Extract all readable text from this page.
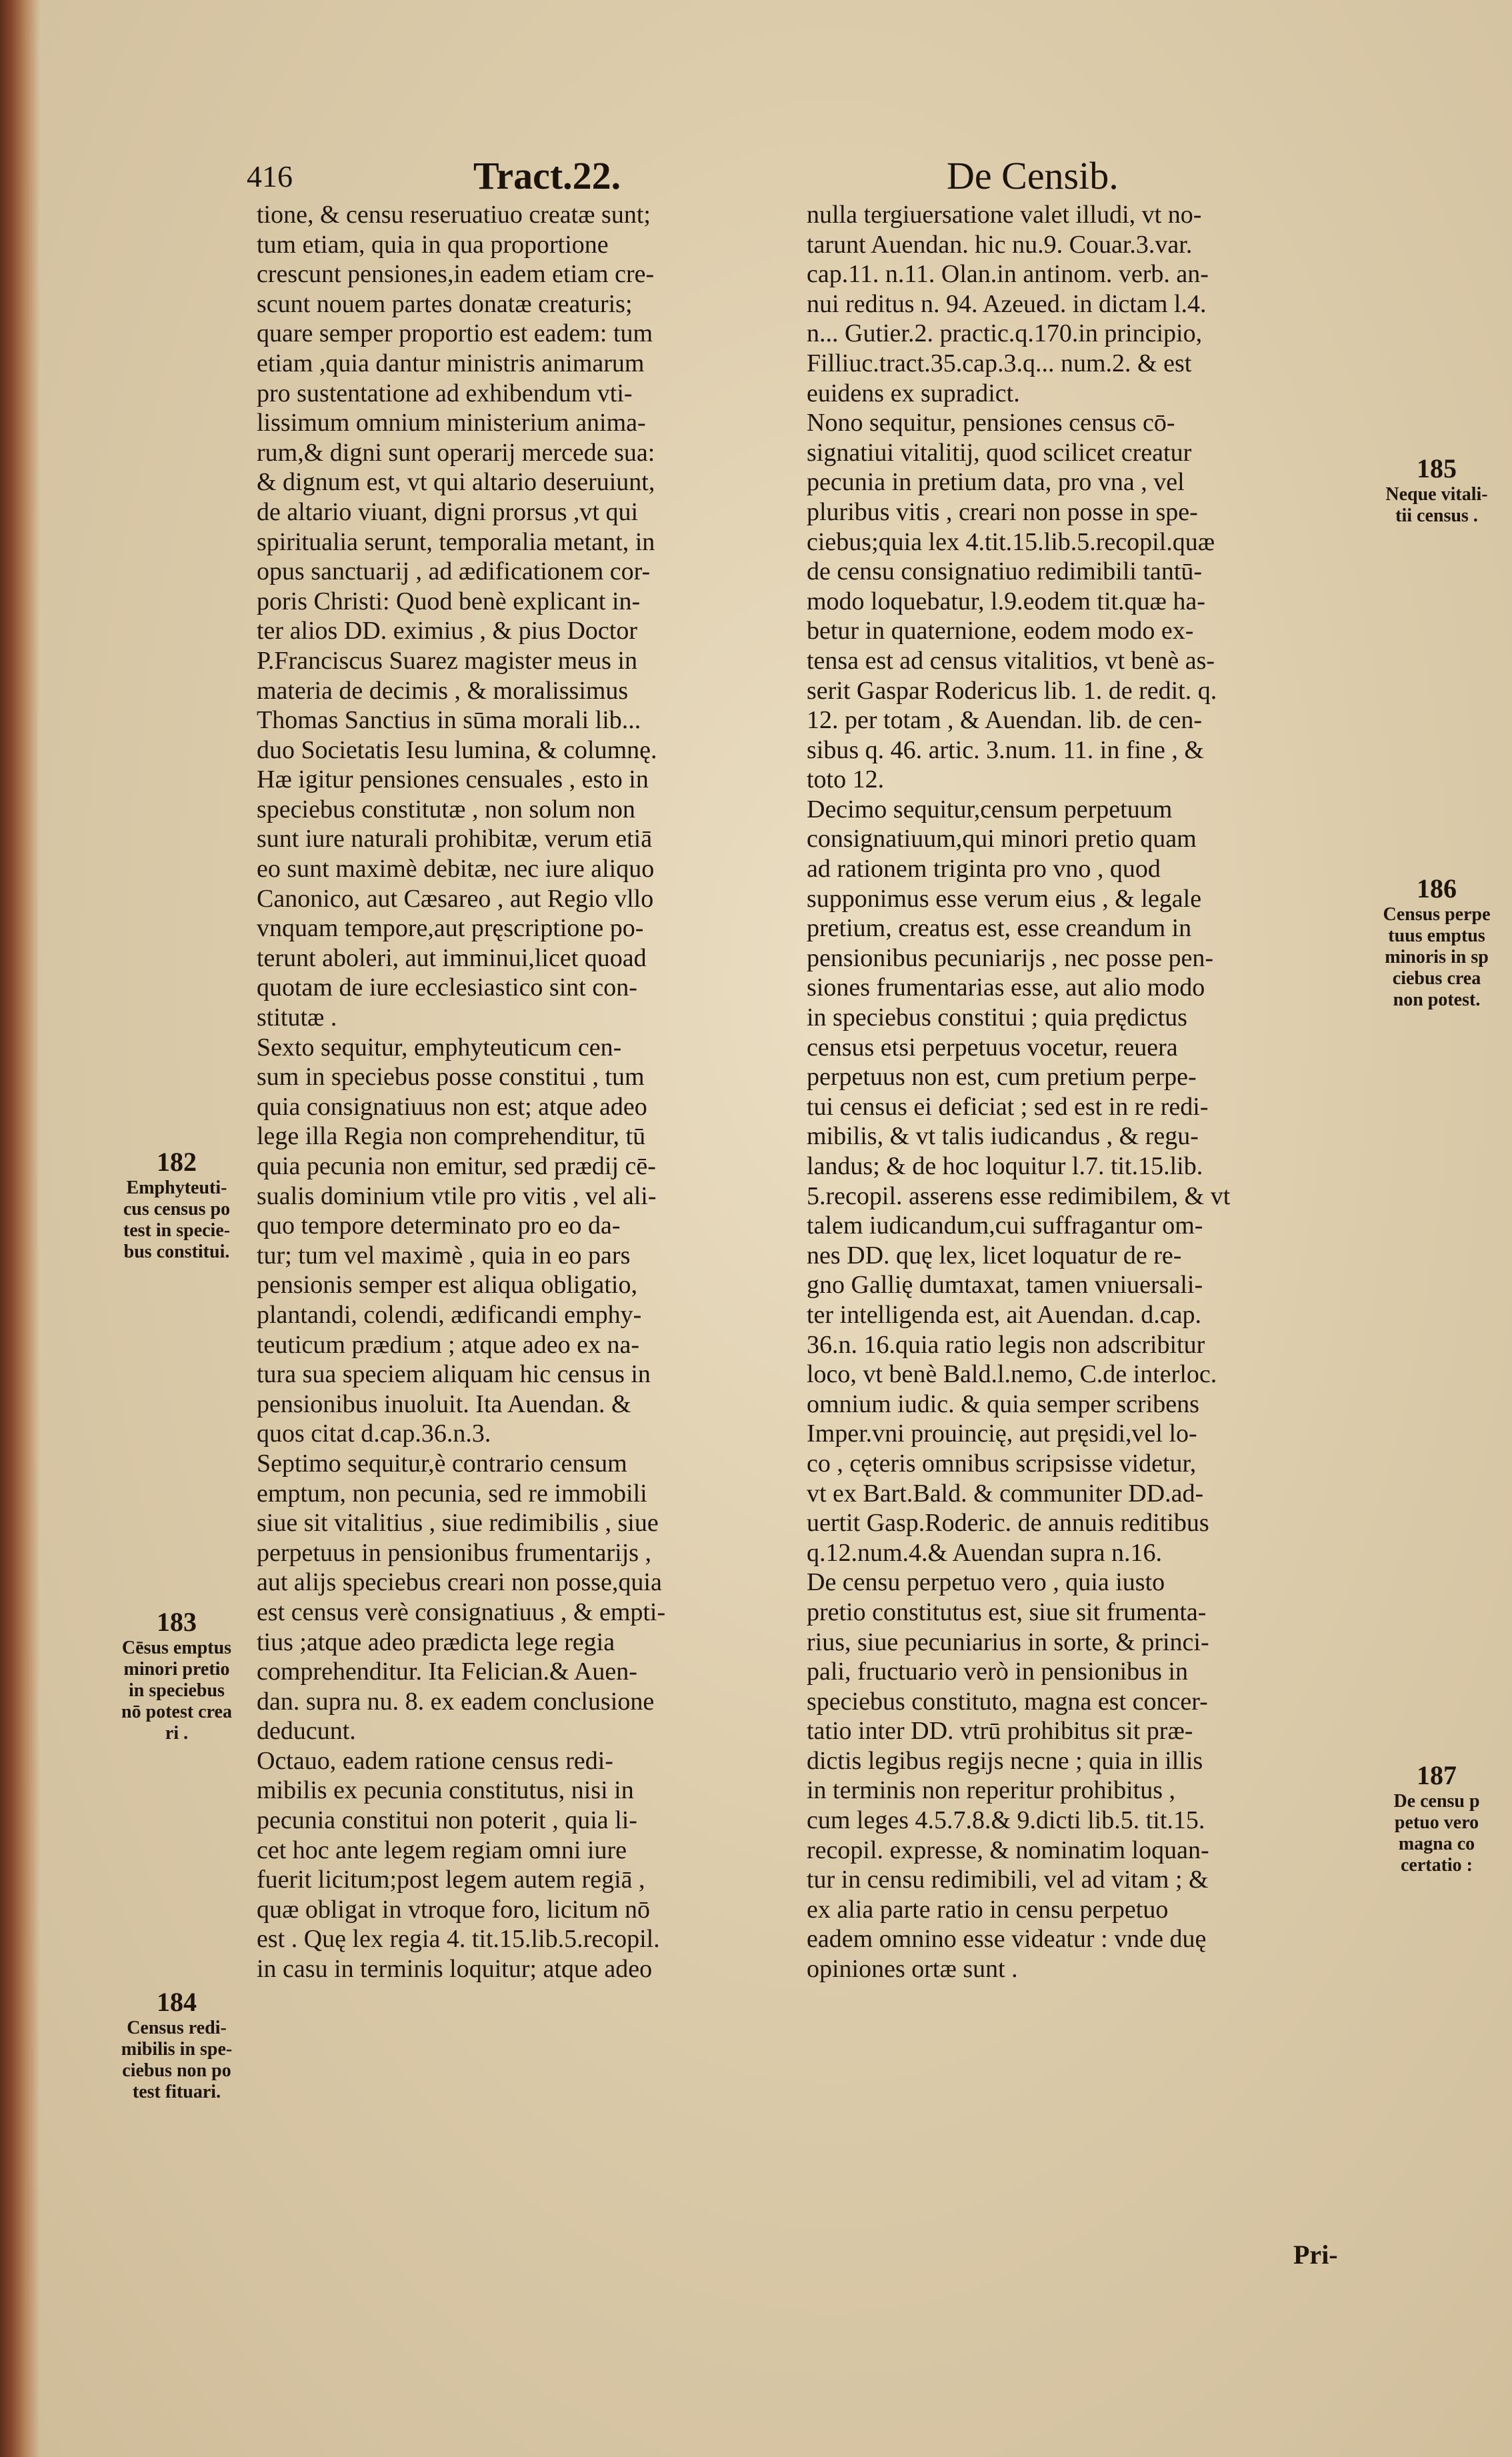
416	Tract.22.	De Censib.
tione, & censu reseruatiuo creatæ sunt;
tum etiam, quia in qua proportione
crescunt pensiones,in eadem etiam cre-
scunt nouem partes donatæ creaturis;
quare semper proportio est eadem: tum
etiam ,quia dantur ministris animarum
pro sustentatione ad exhibendum vti-
lissimum omnium ministerium anima-
rum,& digni sunt operarij mercede sua:
& dignum est, vt qui altario deseruiunt,
de altario viuant, digni prorsus ,vt qui
spiritualia serunt, temporalia metant, in
opus sanctuarij , ad ædificationem cor-
poris Christi: Quod benè explicant in-
ter alios DD. eximius , & pius Doctor
P.Franciscus Suarez magister meus in
materia de decimis , & moralissimus
Thomas Sanctius in sūma morali lib...
duo Societatis Iesu lumina, & columnę.
Hæ igitur pensiones censuales , esto in
speciebus constitutæ , non solum non
sunt iure naturali prohibitæ, verum etiā
eo sunt maximè debitæ, nec iure aliquo
Canonico, aut Cæsareo , aut Regio vllo
vnquam tempore,aut pręscriptione po-
terunt aboleri, aut imminui,licet quoad
quotam de iure ecclesiastico sint con-
stitutæ .
Sexto sequitur, emphyteuticum cen-
sum in speciebus posse constitui , tum
quia consignatiuus non est; atque adeo
lege illa Regia non comprehenditur, tū
quia pecunia non emitur, sed prædij cē-
sualis dominium vtile pro vitis , vel ali-
quo tempore determinato pro eo da-
tur; tum vel maximè , quia in eo pars
pensionis semper est aliqua obligatio,
plantandi, colendi, ædificandi emphy-
teuticum prædium ; atque adeo ex na-
tura sua speciem aliquam hic census in
pensionibus inuoluit. Ita Auendan. &
quos citat d.cap.36.n.3.
Septimo sequitur,è contrario censum
emptum, non pecunia, sed re immobili
siue sit vitalitius , siue redimibilis , siue
perpetuus in pensionibus frumentarijs ,
aut alijs speciebus creari non posse,quia
est census verè consignatiuus , & empti-
tius ;atque adeo prædicta lege regia
comprehenditur. Ita Felician.& Auen-
dan. supra nu. 8. ex eadem conclusione
deducunt.
Octauo, eadem ratione census redi-
mibilis ex pecunia constitutus, nisi in
pecunia constitui non poterit , quia li-
cet hoc ante legem regiam omni iure
fuerit licitum;post legem autem regiā ,
quæ obligat in vtroque foro, licitum nō
est . Quę lex regia 4. tit.15.lib.5.recopil.
in casu in terminis loquitur; atque adeo
nulla tergiuersatione valet illudi, vt no-
tarunt Auendan. hic nu.9. Couar.3.var.
cap.11. n.11. Olan.in antinom. verb. an-
nui reditus n. 94. Azeued. in dictam l.4.
n... Gutier.2. practic.q.170.in principio,
Filliuc.tract.35.cap.3.q... num.2. & est
euidens ex supradict.
Nono sequitur, pensiones census cō-
signatiui vitalitij, quod scilicet creatur
pecunia in pretium data, pro vna , vel
pluribus vitis , creari non posse in spe-
ciebus;quia lex 4.tit.15.lib.5.recopil.quæ
de censu consignatiuo redimibili tantū-
modo loquebatur, l.9.eodem tit.quæ ha-
betur in quaternione, eodem modo ex-
tensa est ad census vitalitios, vt benè as-
serit Gaspar Rodericus lib. 1. de redit. q.
12. per totam , & Auendan. lib. de cen-
sibus q. 46. artic. 3.num. 11. in fine , &
toto 12.
Decimo sequitur,censum perpetuum
consignatiuum,qui minori pretio quam
ad rationem triginta pro vno , quod
supponimus esse verum eius , & legale
pretium, creatus est, esse creandum in
pensionibus pecuniarijs , nec posse pen-
siones frumentarias esse, aut alio modo
in speciebus constitui ; quia prędictus
census etsi perpetuus vocetur, reuera
perpetuus non est, cum pretium perpe-
tui census ei deficiat ; sed est in re redi-
mibilis, & vt talis iudicandus , & regu-
landus; & de hoc loquitur l.7. tit.15.lib.
5.recopil. asserens esse redimibilem, & vt
talem iudicandum,cui suffragantur om-
nes DD. quę lex, licet loquatur de re-
gno Gallię dumtaxat, tamen vniuersali-
ter intelligenda est, ait Auendan. d.cap.
36.n. 16.quia ratio legis non adscribitur
loco, vt benè Bald.l.nemo, C.de interloc.
omnium iudic. & quia semper scribens
Imper.vni prouincię, aut pręsidi,vel lo-
co , cęteris omnibus scripsisse videtur,
vt ex Bart.Bald. & communiter DD.ad-
uertit Gasp.Roderic. de annuis reditibus
q.12.num.4.& Auendan supra n.16.
De censu perpetuo vero , quia iusto
pretio constitutus est, siue sit frumenta-
rius, siue pecuniarius in sorte, & princi-
pali, fructuario verò in pensionibus in
speciebus constituto, magna est concer-
tatio inter DD. vtrū prohibitus sit præ-
dictis legibus regijs necne ; quia in illis
in terminis non reperitur prohibitus ,
cum leges 4.5.7.8.& 9.dicti lib.5. tit.15.
recopil. expresse, & nominatim loquan-
tur in censu redimibili, vel ad vitam ; &
ex alia parte ratio in censu perpetuo
eadem omnino esse videatur : vnde duę
opiniones ortæ sunt .
182
Emphyteuti-
cus census po
test in specie-
bus constitui.
183
Cēsus emptus
minori pretio
in speciebus
nō potest crea
ri .
184
Census redi-
mibilis in spe-
ciebus non po
test fituari.
185
Neque vitali-
tii census .
186
Census perpe
tuus emptus
minoris in sp
ciebus crea
non potest.
187
De censu p
petuo vero
magna co
certatio :
Pri-
